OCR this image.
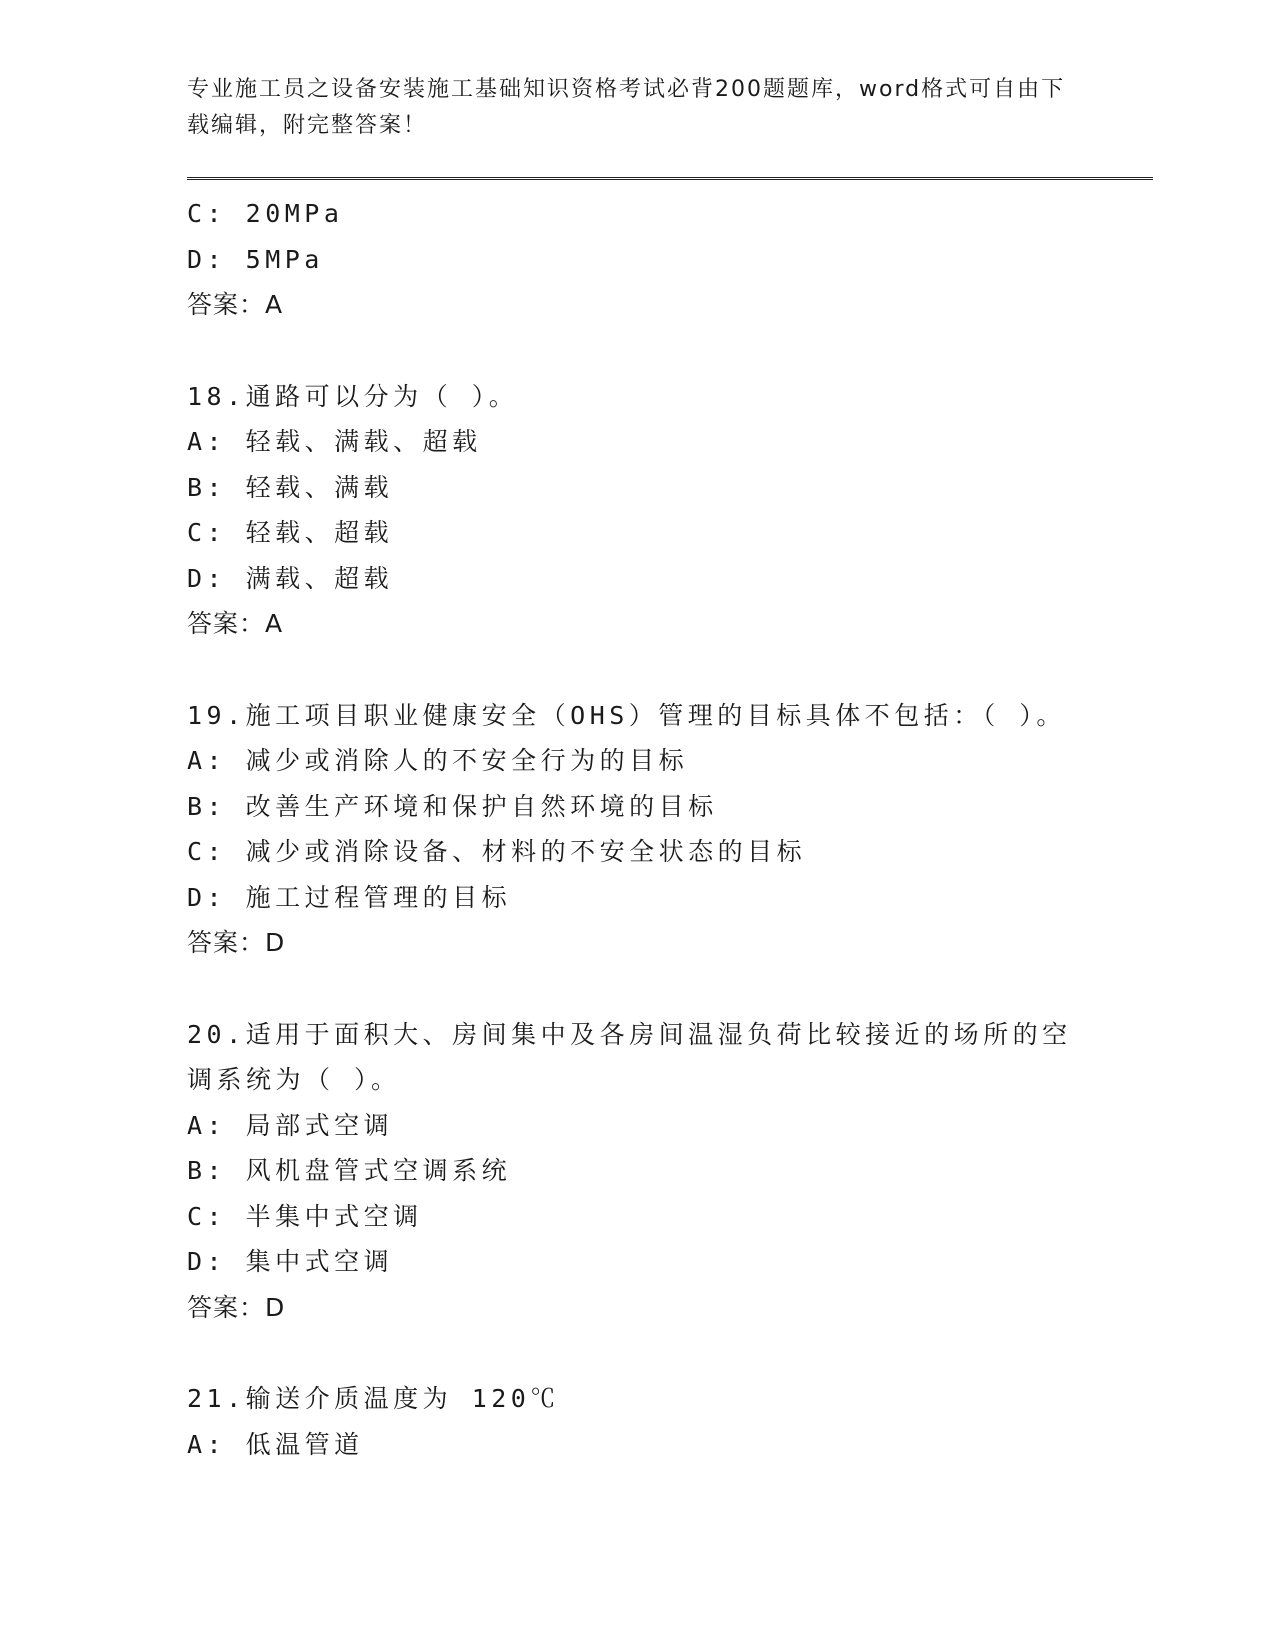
专业施工员之设备安装施工基础知识资格考试必背200题题库，word格式可自由下载编辑，附完整答案！
C: 20MPa
D: 5MPa
答案：A
18.通路可以分为（ ）。
A: 轻载、满载、超载
B: 轻载、满载
C: 轻载、超载
D: 满载、超载
答案：A
19.施工项目职业健康安全（OHS）管理的目标具体不包括：（ ）。
A: 减少或消除人的不安全行为的目标
B: 改善生产环境和保护自然环境的目标
C: 减少或消除设备、材料的不安全状态的目标
D: 施工过程管理的目标
答案：D
20.适用于面积大、房间集中及各房间温湿负荷比较接近的场所的空调系统为（ ）。
A: 局部式空调
B: 风机盘管式空调系统
C: 半集中式空调
D: 集中式空调
答案：D
21.输送介质温度为 120℃
A: 低温管道
